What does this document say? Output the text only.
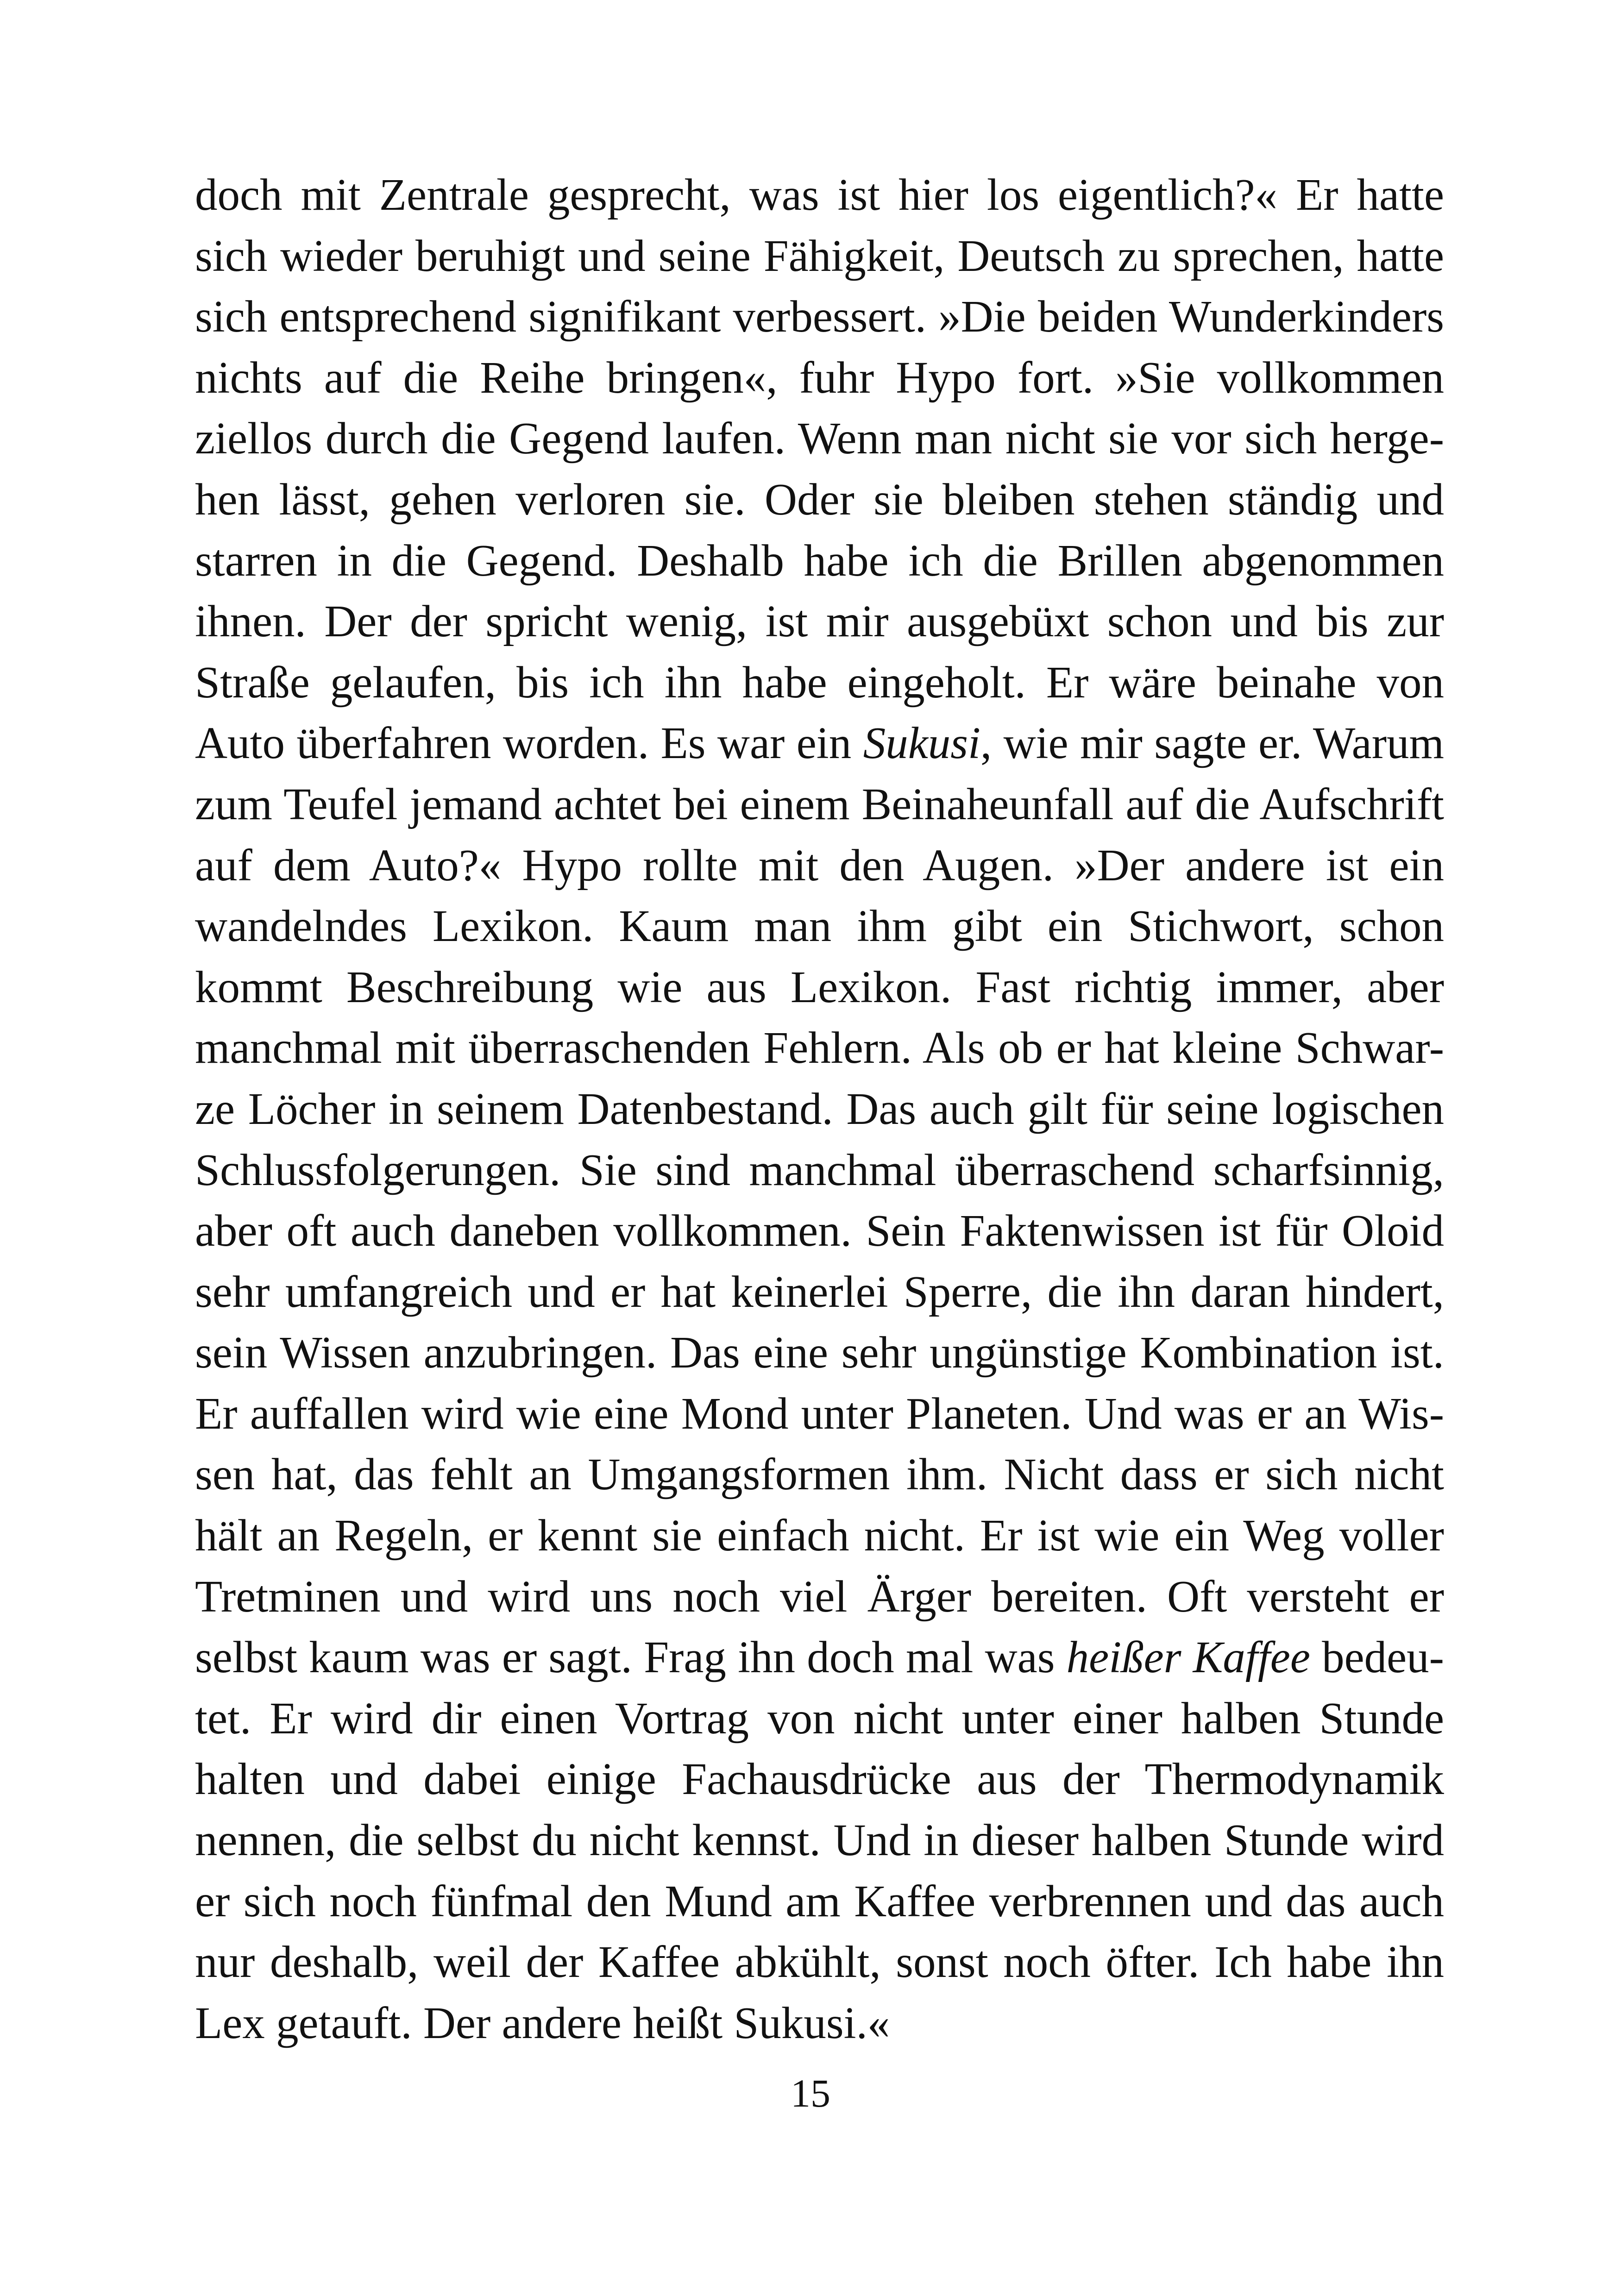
doch mit Zentrale gesprecht, was ist hier los eigentlich?« Er hatte
sich wieder beruhigt und seine Fähigkeit, Deutsch zu sprechen, hatte
sich entsprechend signifikant verbessert. »Die beiden Wunderkinders
nichts auf die Reihe bringen«, fuhr Hypo fort. »Sie vollkommen
ziellos durch die Gegend laufen. Wenn man nicht sie vor sich herge-
hen lässt, gehen verloren sie. Oder sie bleiben stehen ständig und
starren in die Gegend. Deshalb habe ich die Brillen abgenommen
ihnen. Der der spricht wenig, ist mir ausgebüxt schon und bis zur
Straße gelaufen, bis ich ihn habe eingeholt. Er wäre beinahe von
Auto überfahren worden. Es war ein Sukusi, wie mir sagte er. Warum
zum Teufel jemand achtet bei einem Beinaheunfall auf die Aufschrift
auf dem Auto?« Hypo rollte mit den Augen. »Der andere ist ein
wandelndes Lexikon. Kaum man ihm gibt ein Stichwort, schon
kommt Beschreibung wie aus Lexikon. Fast richtig immer, aber
manchmal mit überraschenden Fehlern. Als ob er hat kleine Schwar-
ze Löcher in seinem Datenbestand. Das auch gilt für seine logischen
Schlussfolgerungen. Sie sind manchmal überraschend scharfsinnig,
aber oft auch daneben vollkommen. Sein Faktenwissen ist für Oloid
sehr umfangreich und er hat keinerlei Sperre, die ihn daran hindert,
sein Wissen anzubringen. Das eine sehr ungünstige Kombination ist.
Er auffallen wird wie eine Mond unter Planeten. Und was er an Wis-
sen hat, das fehlt an Umgangsformen ihm. Nicht dass er sich nicht
hält an Regeln, er kennt sie einfach nicht. Er ist wie ein Weg voller
Tretminen und wird uns noch viel Ärger bereiten. Oft versteht er
selbst kaum was er sagt. Frag ihn doch mal was heißer Kaffee bedeu-
tet. Er wird dir einen Vortrag von nicht unter einer halben Stunde
halten und dabei einige Fachausdrücke aus der Thermodynamik
nennen, die selbst du nicht kennst. Und in dieser halben Stunde wird
er sich noch fünfmal den Mund am Kaffee verbrennen und das auch
nur deshalb, weil der Kaffee abkühlt, sonst noch öfter. Ich habe ihn
Lex getauft. Der andere heißt Sukusi.«
15
